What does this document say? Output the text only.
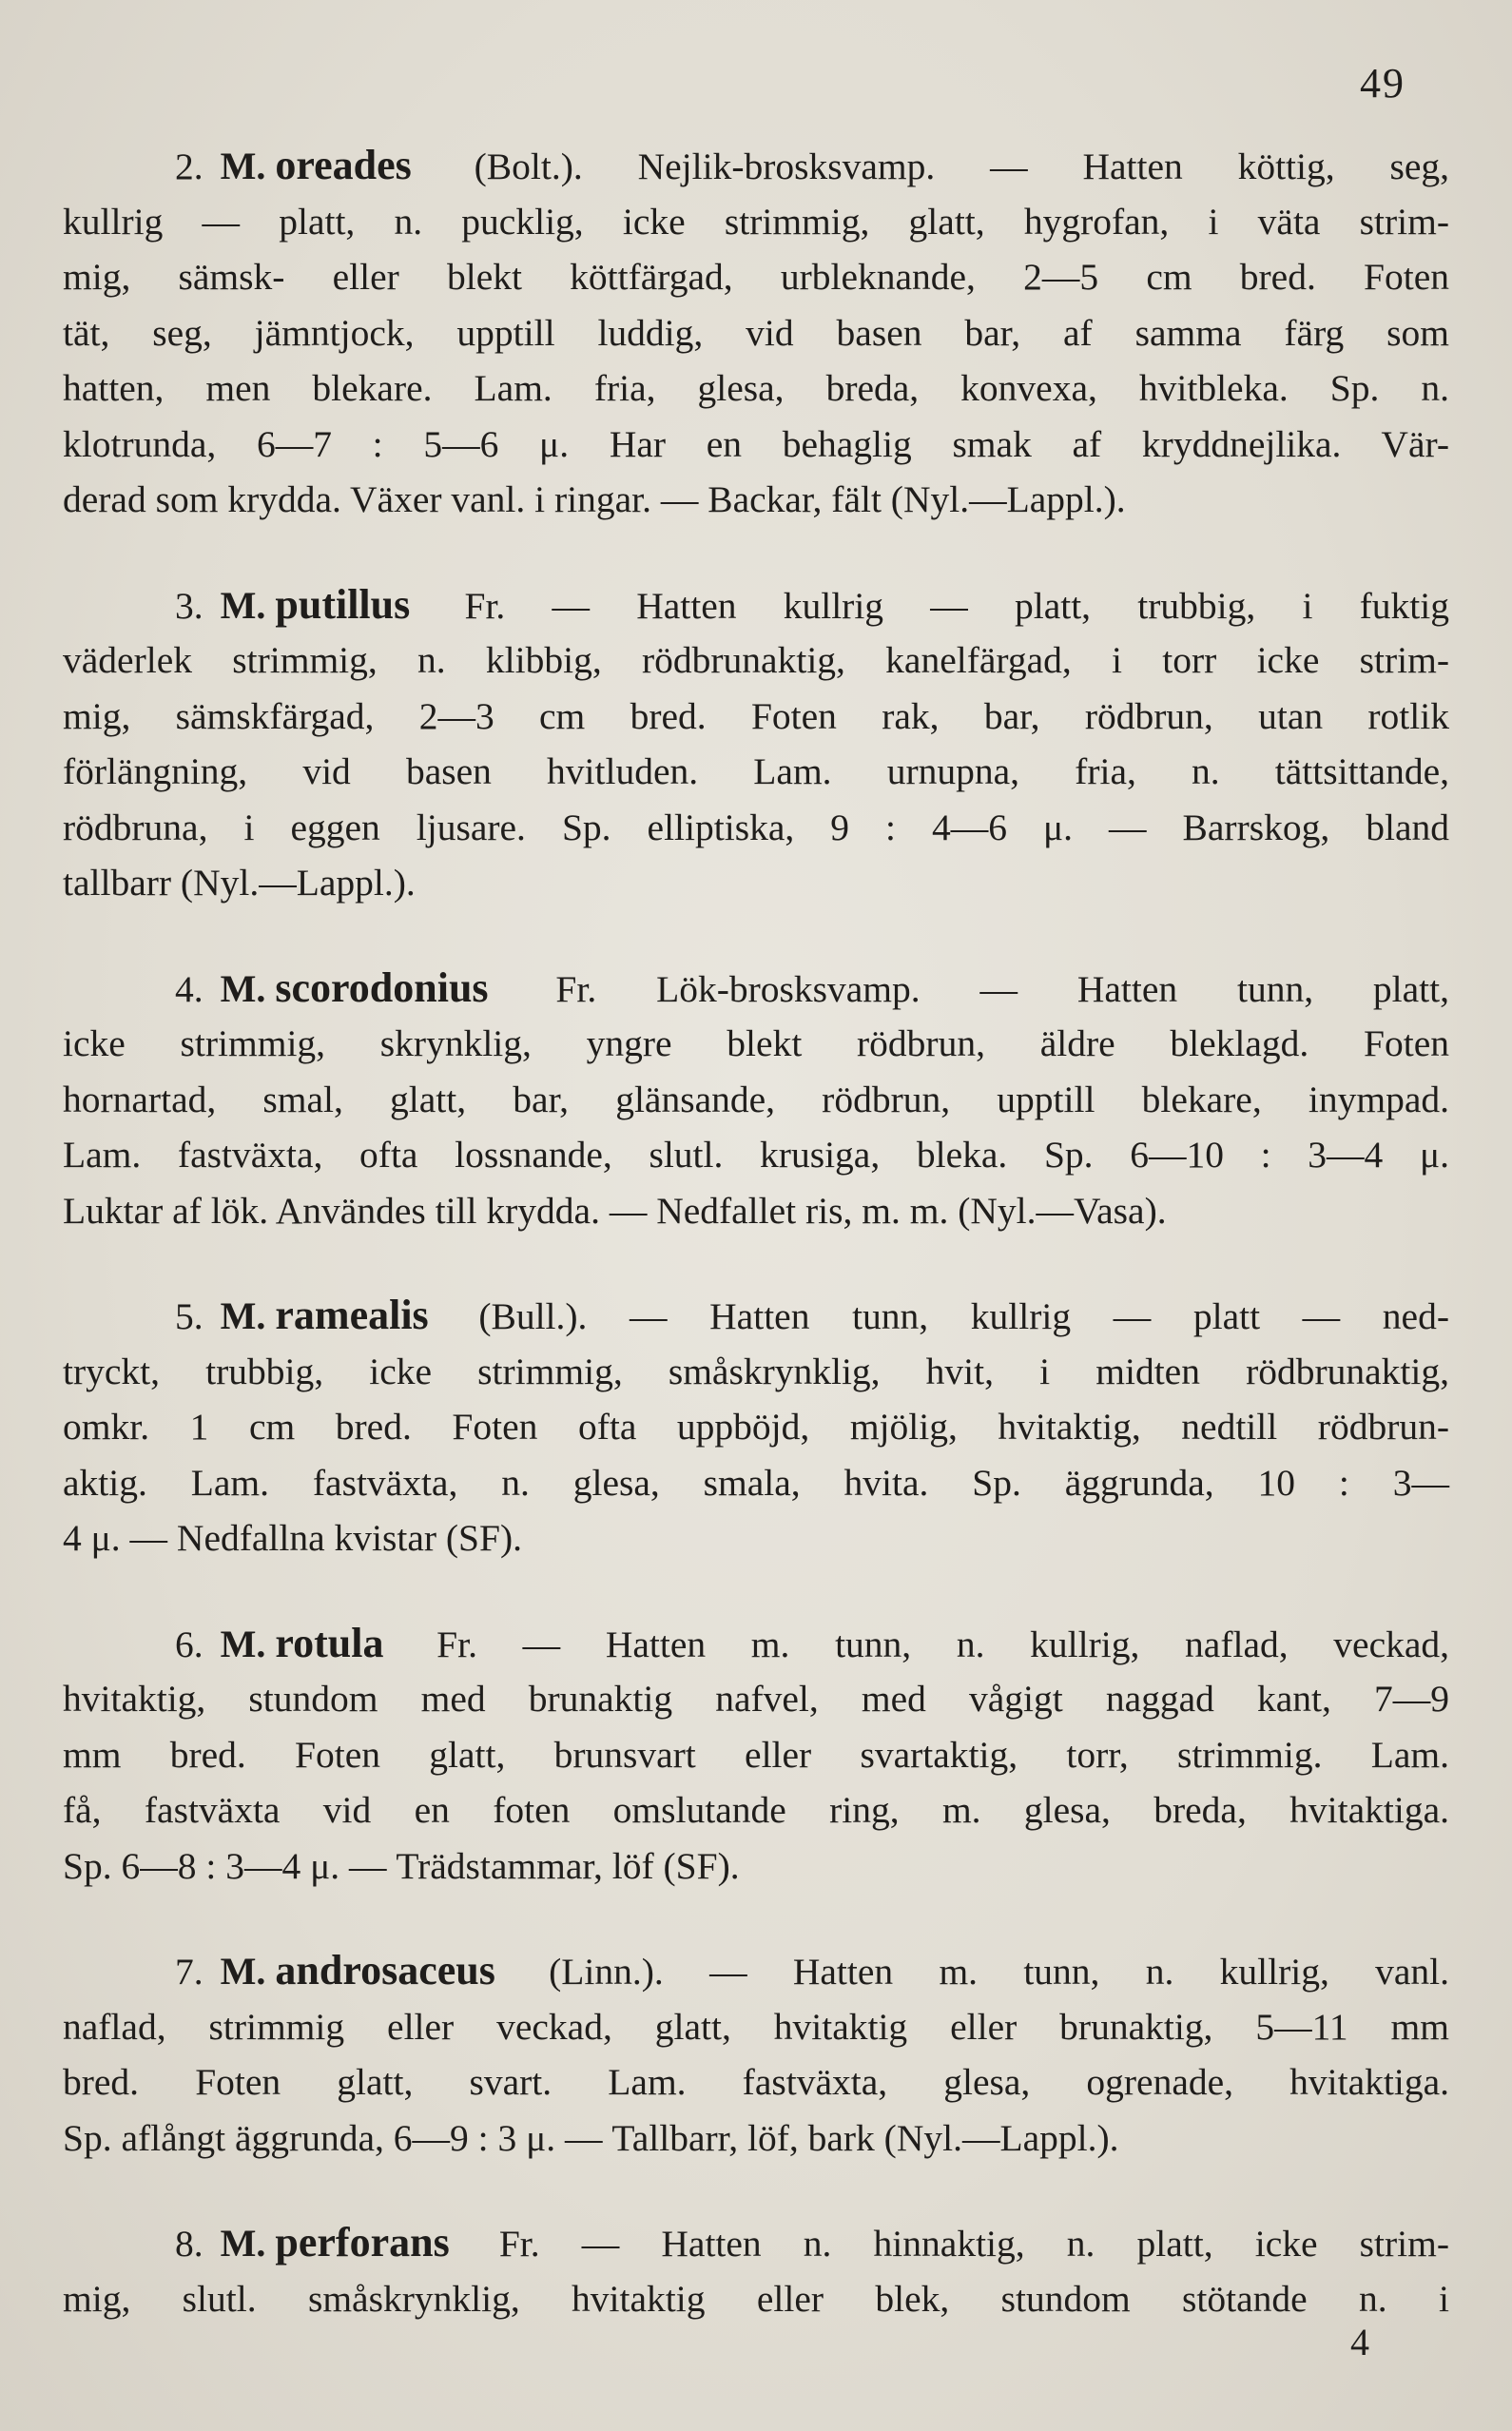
49
2. M. oreades (Bolt.). Nejlik-brosksvamp. — Hatten köttig, seg,
kullrig — platt, n. pucklig, icke strimmig, glatt, hygrofan, i väta strim-
mig, sämsk- eller blekt köttfärgad, urbleknande, 2—5 cm bred. Foten
tät, seg, jämntjock, upptill luddig, vid basen bar, af samma färg som
hatten, men blekare. Lam. fria, glesa, breda, konvexa, hvitbleka. Sp. n.
klotrunda, 6—7 : 5—6 μ. Har en behaglig smak af kryddnejlika. Vär-
derad som krydda. Växer vanl. i ringar. — Backar, fält (Nyl.—Lappl.).
3. M. putillus Fr. — Hatten kullrig — platt, trubbig, i fuktig
väderlek strimmig, n. klibbig, rödbrunaktig, kanelfärgad, i torr icke strim-
mig, sämskfärgad, 2—3 cm bred. Foten rak, bar, rödbrun, utan rotlik
förlängning, vid basen hvitluden. Lam. urnupna, fria, n. tättsittande,
rödbruna, i eggen ljusare. Sp. elliptiska, 9 : 4—6 μ. — Barrskog, bland
tallbarr (Nyl.—Lappl.).
4. M. scorodonius Fr. Lök-brosksvamp. — Hatten tunn, platt,
icke strimmig, skrynklig, yngre blekt rödbrun, äldre bleklagd. Foten
hornartad, smal, glatt, bar, glänsande, rödbrun, upptill blekare, inympad.
Lam. fastväxta, ofta lossnande, slutl. krusiga, bleka. Sp. 6—10 : 3—4 μ.
Luktar af lök. Användes till krydda. — Nedfallet ris, m. m. (Nyl.—Vasa).
5. M. ramealis (Bull.). — Hatten tunn, kullrig — platt — ned-
tryckt, trubbig, icke strimmig, småskrynklig, hvit, i midten rödbrunaktig,
omkr. 1 cm bred. Foten ofta uppböjd, mjölig, hvitaktig, nedtill rödbrun-
aktig. Lam. fastväxta, n. glesa, smala, hvita. Sp. äggrunda, 10 : 3—
4 μ. — Nedfallna kvistar (SF).
6. M. rotula Fr. — Hatten m. tunn, n. kullrig, naflad, veckad,
hvitaktig, stundom med brunaktig nafvel, med vågigt naggad kant, 7—9
mm bred. Foten glatt, brunsvart eller svartaktig, torr, strimmig. Lam.
få, fastväxta vid en foten omslutande ring, m. glesa, breda, hvitaktiga.
Sp. 6—8 : 3—4 μ. — Trädstammar, löf (SF).
7. M. androsaceus (Linn.). — Hatten m. tunn, n. kullrig, vanl.
naflad, strimmig eller veckad, glatt, hvitaktig eller brunaktig, 5—11 mm
bred. Foten glatt, svart. Lam. fastväxta, glesa, ogrenade, hvitaktiga.
Sp. aflångt äggrunda, 6—9 : 3 μ. — Tallbarr, löf, bark (Nyl.—Lappl.).
8. M. perforans Fr. — Hatten n. hinnaktig, n. platt, icke strim-
mig, slutl. småskrynklig, hvitaktig eller blek, stundom stötande n. i
4
